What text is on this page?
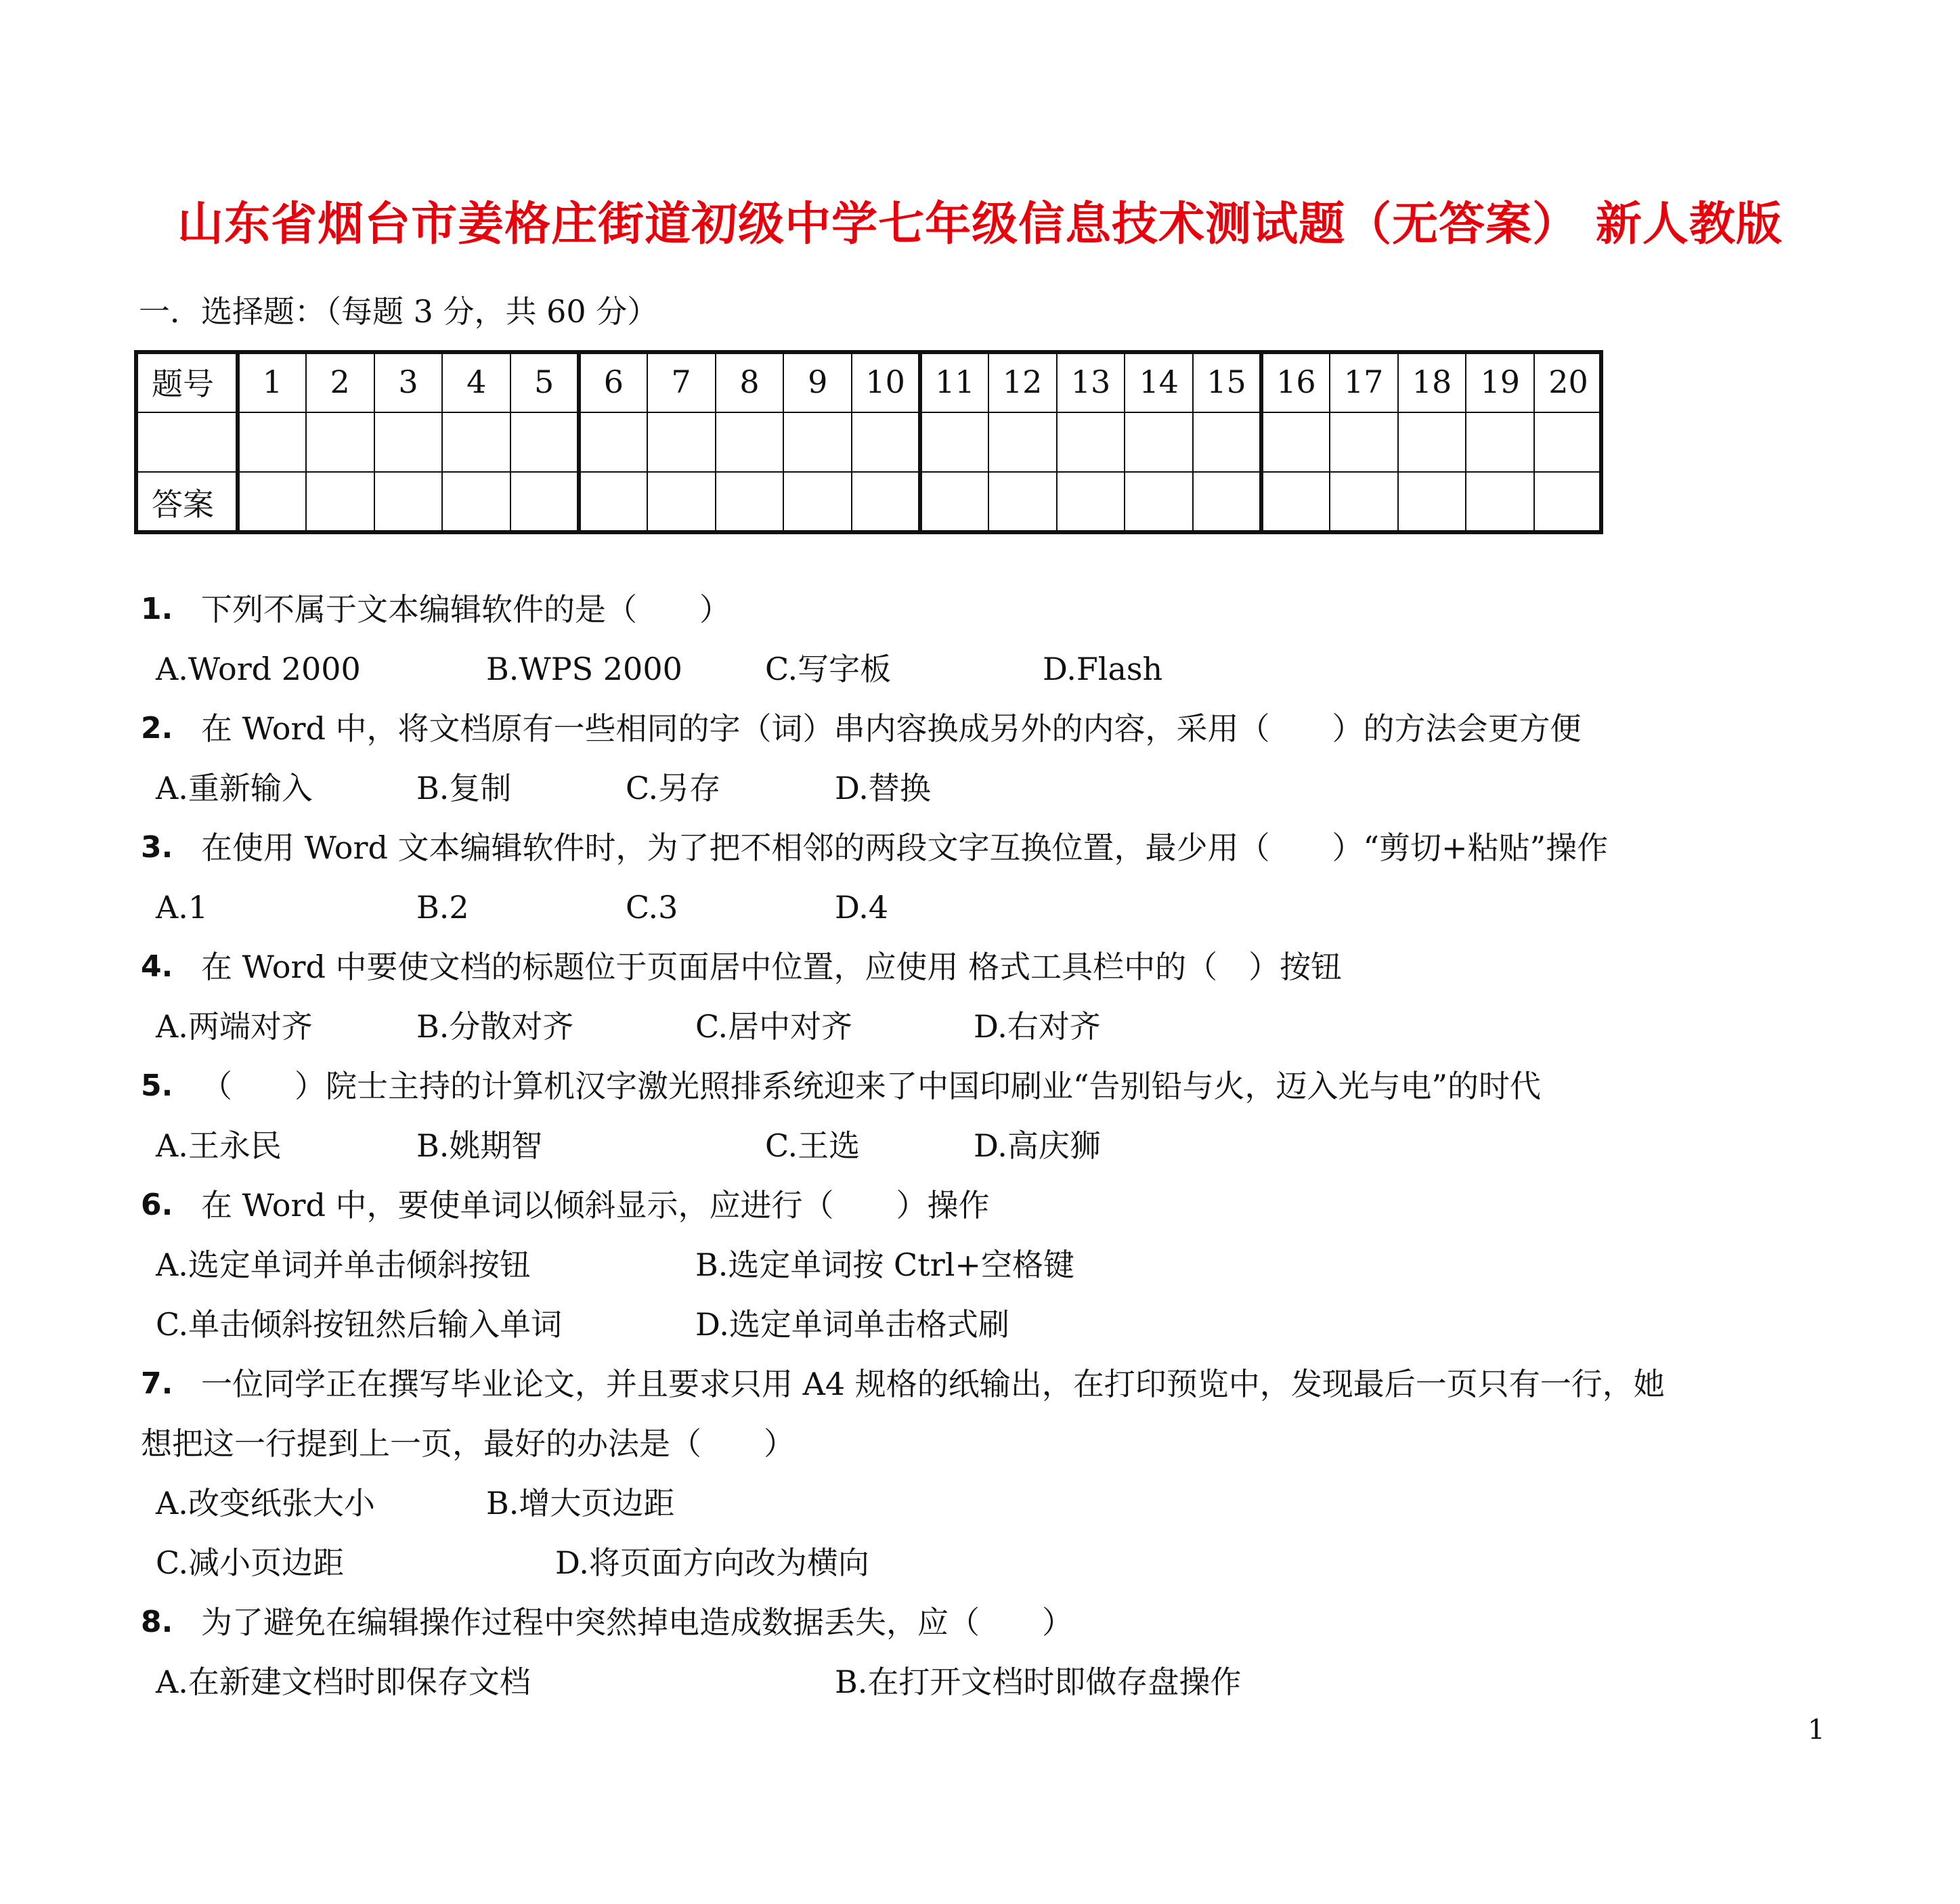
山东省烟台市姜格庄街道初级中学七年级信息技术测试题（无答案） 新人教版
一．选择题：（每题 3 分，共 60 分）
题号	1	2	3	4	5	6	7	8	9	10	11	12	13	14	15	16	17	18	19	20

答案																				
1. 下列不属于文本编辑软件的是（　　）
A.Word 2000	B.WPS 2000	C.写字板	D.Flash
2. 在 Word 中，将文档原有一些相同的字（词）串内容换成另外的内容，采用（　　）的方法会更方便
A.重新输入	B.复制	C.另存	D.替换
3. 在使用 Word 文本编辑软件时，为了把不相邻的两段文字互换位置，最少用（　　）“剪切+粘贴”操作
A.1	B.2	C.3	D.4
4. 在 Word 中要使文档的标题位于页面居中位置，应使用 格式工具栏中的（　）按钮
A.两端对齐	B.分散对齐	C.居中对齐	D.右对齐
5. （　　）院士主持的计算机汉字激光照排系统迎来了中国印刷业“告别铅与火，迈入光与电”的时代
A.王永民	B.姚期智	C.王选	D.高庆狮
6. 在 Word 中，要使单词以倾斜显示，应进行（　　）操作
A.选定单词并单击倾斜按钮	B.选定单词按 Ctrl+空格键
C.单击倾斜按钮然后输入单词	D.选定单词单击格式刷
7. 一位同学正在撰写毕业论文，并且要求只用 A4 规格的纸输出，在打印预览中，发现最后一页只有一行，她
想把这一行提到上一页，最好的办法是（　　）
A.改变纸张大小	B.增大页边距
C.减小页边距	D.将页面方向改为横向
8. 为了避免在编辑操作过程中突然掉电造成数据丢失，应（　　）
A.在新建文档时即保存文档	B.在打开文档时即做存盘操作
1
